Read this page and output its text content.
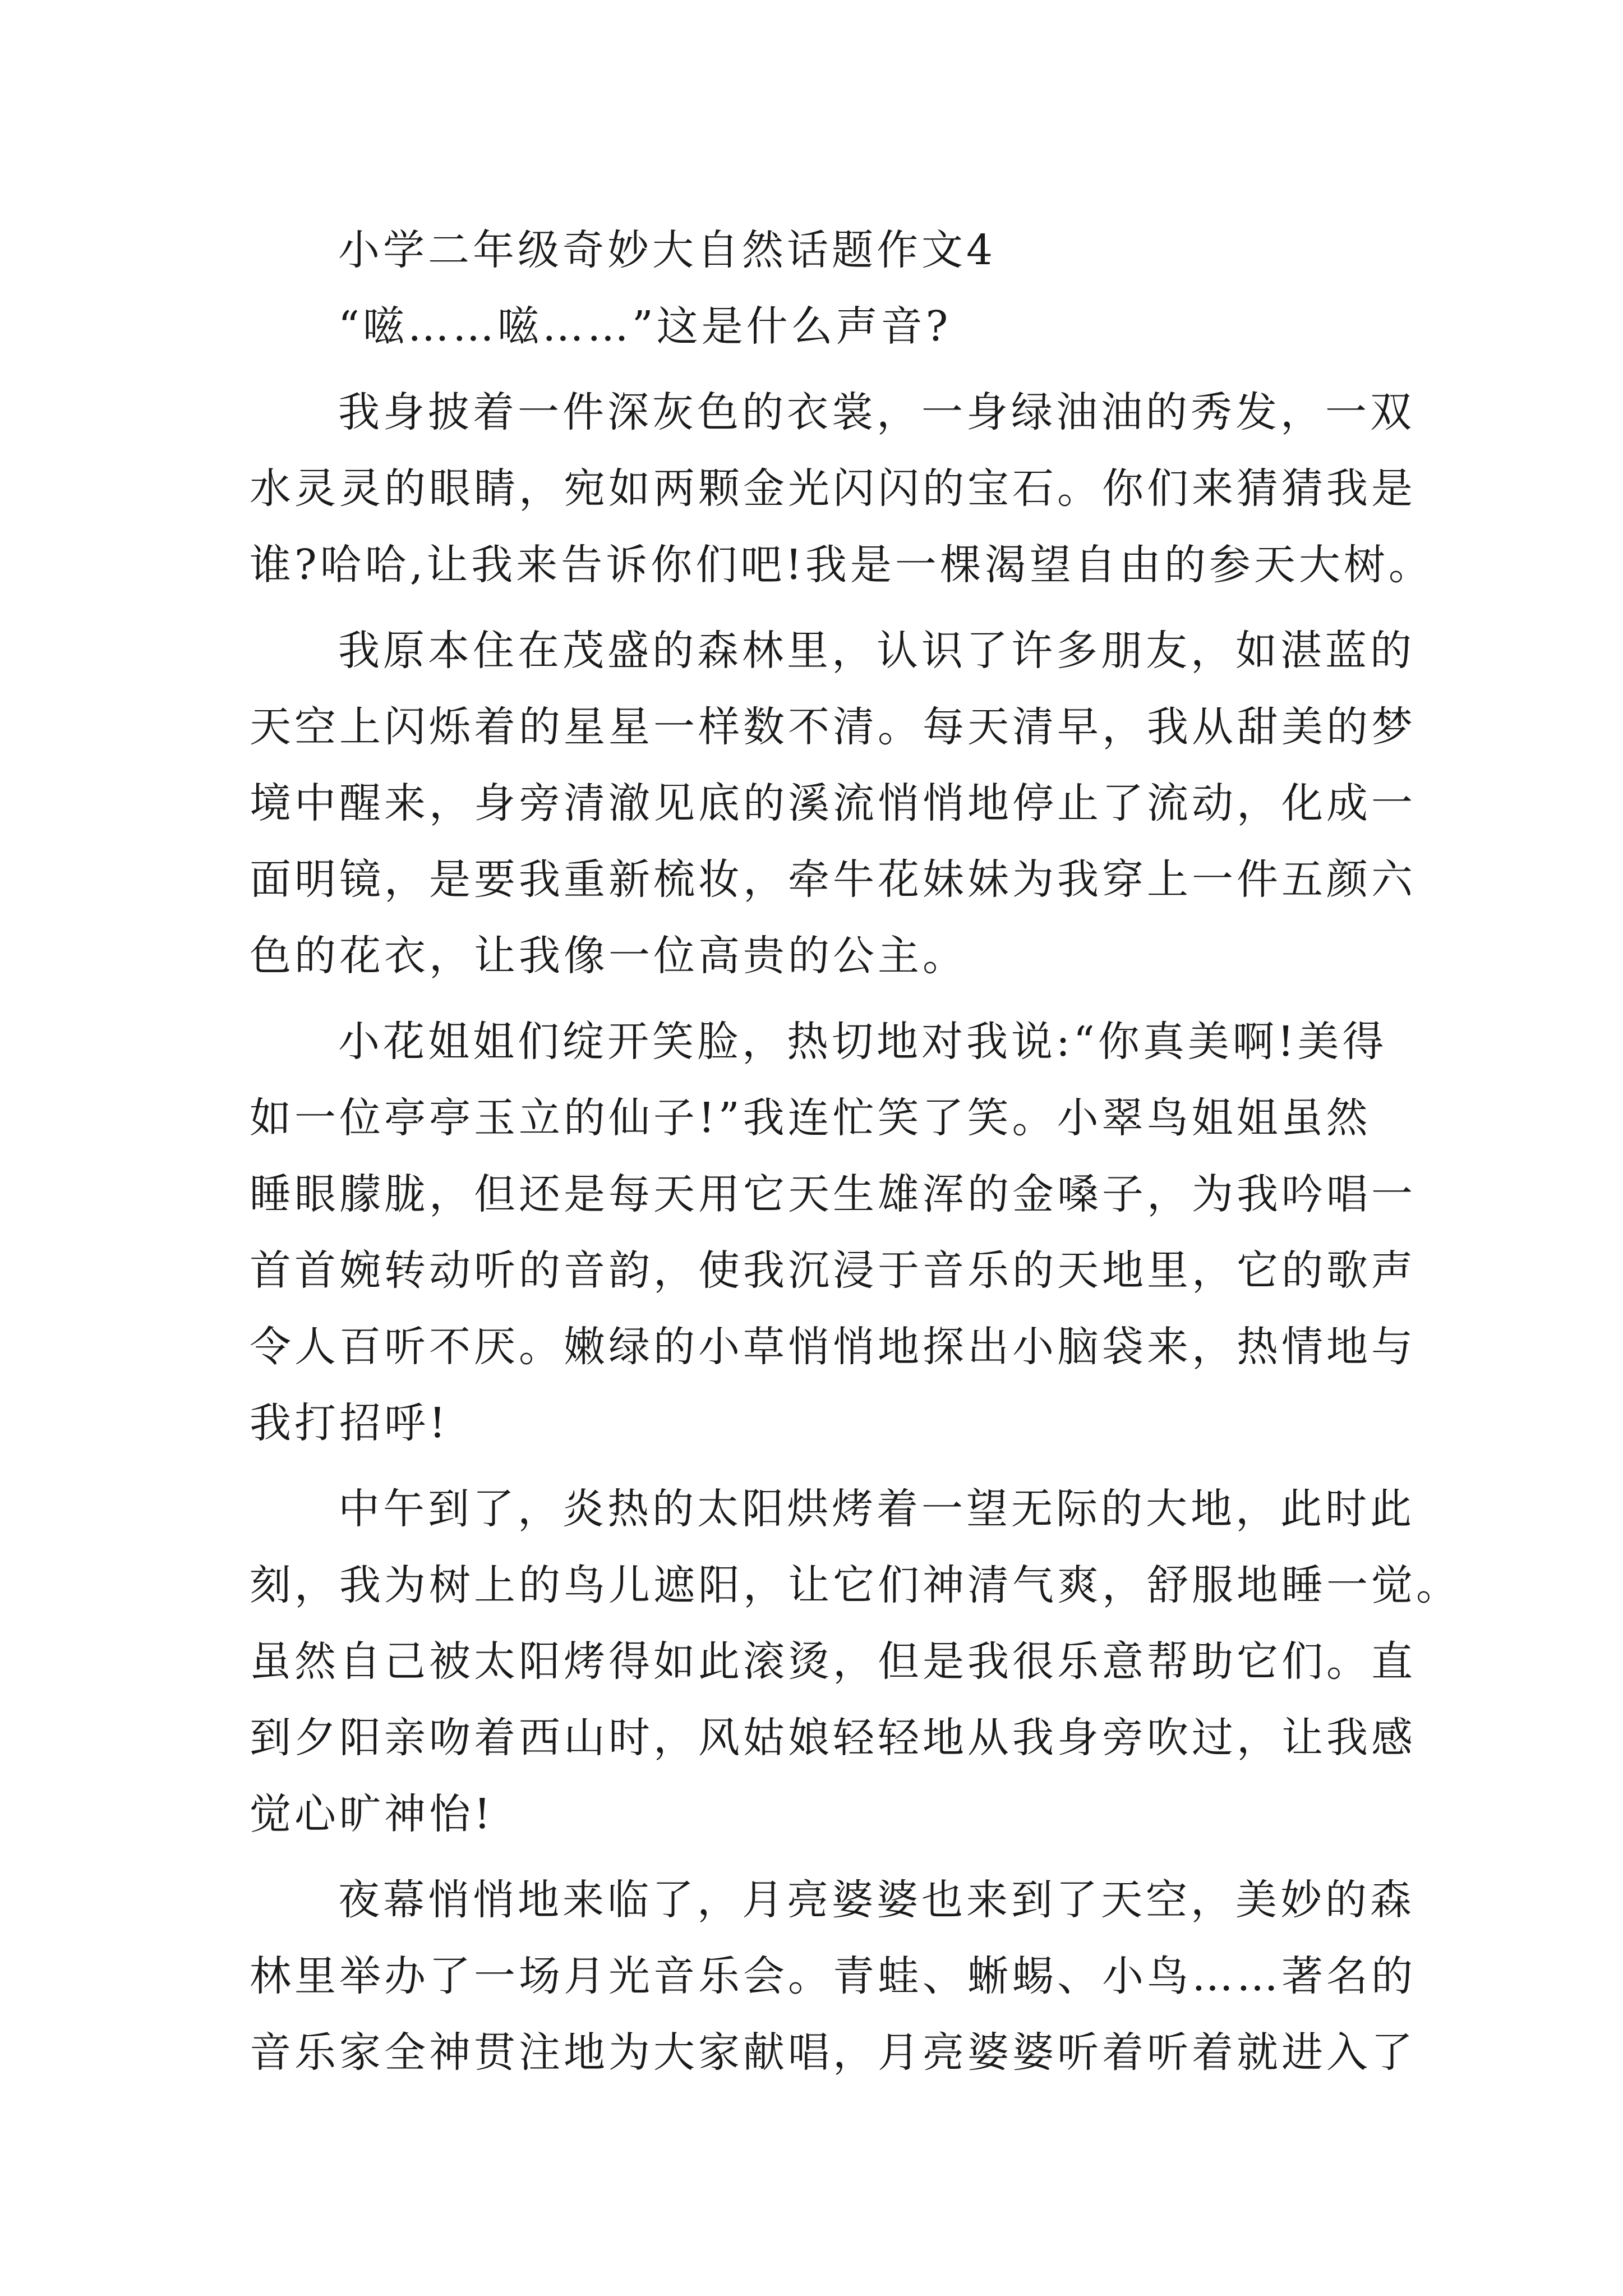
小学二年级奇妙大自然话题作文4
“嗞……嗞……”这是什么声音?
我身披着一件深灰色的衣裳，一身绿油油的秀发，一双
水灵灵的眼睛，宛如两颗金光闪闪的宝石。你们来猜猜我是
谁?哈哈,让我来告诉你们吧!我是一棵渴望自由的参天大树。
我原本住在茂盛的森林里，认识了许多朋友，如湛蓝的
天空上闪烁着的星星一样数不清。每天清早，我从甜美的梦
境中醒来，身旁清澈见底的溪流悄悄地停止了流动，化成一
面明镜，是要我重新梳妆，牵牛花妹妹为我穿上一件五颜六
色的花衣，让我像一位高贵的公主。
小花姐姐们绽开笑脸，热切地对我说:“你真美啊!美得
如一位亭亭玉立的仙子!”我连忙笑了笑。小翠鸟姐姐虽然
睡眼朦胧，但还是每天用它天生雄浑的金嗓子，为我吟唱一
首首婉转动听的音韵，使我沉浸于音乐的天地里，它的歌声
令人百听不厌。嫩绿的小草悄悄地探出小脑袋来，热情地与
我打招呼!
中午到了，炎热的太阳烘烤着一望无际的大地，此时此
刻，我为树上的鸟儿遮阳，让它们神清气爽，舒服地睡一觉。
虽然自己被太阳烤得如此滚烫，但是我很乐意帮助它们。直
到夕阳亲吻着西山时，风姑娘轻轻地从我身旁吹过，让我感
觉心旷神怡!
夜幕悄悄地来临了，月亮婆婆也来到了天空，美妙的森
林里举办了一场月光音乐会。青蛙、蜥蜴、小鸟……著名的
音乐家全神贯注地为大家献唱，月亮婆婆听着听着就进入了
